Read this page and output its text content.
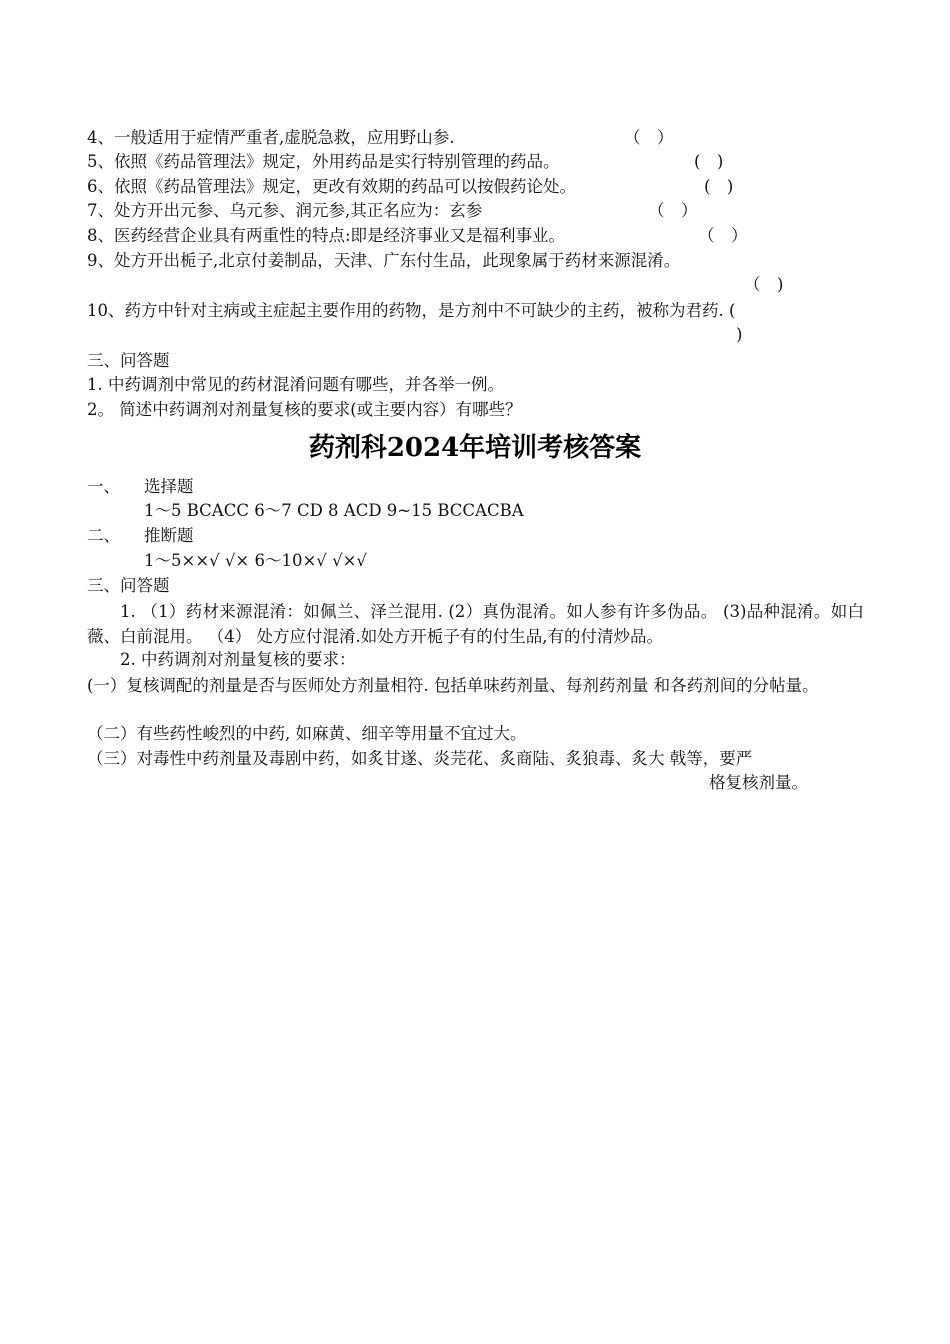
4、一般适用于症情严重者,虚脱急救，应用野山参.	（　）
5、依照《药品管理法》规定，外用药品是实行特别管理的药品。	(　)
6、依照《药品管理法》规定，更改有效期的药品可以按假药论处。	(　)
7、处方开出元参、乌元参、润元参,其正名应为：玄参	（　）
8、医药经营企业具有两重性的特点:即是经济事业又是福利事业。	（　）
9、处方开出栀子,北京付姜制品，天津、广东付生品，此现象属于药材来源混淆。
（　)
10、药方中针对主病或主症起主要作用的药物，是方剂中不可缺少的主药，被称为君药. (
)
三、问答题
1. 中药调剂中常见的药材混淆问题有哪些，并各举一例。
2。 简述中药调剂对剂量复核的要求(或主要内容）有哪些？
药剂科2024年培训考核答案
一、 选择题
1～5 BCACC 6～7 CD 8 ACD 9~15 BCCACBA
二、 推断题
1～5××√ √× 6～10×√ √×√
三、问答题
1. （1）药材来源混淆：如佩兰、泽兰混用. (2）真伪混淆。如人参有许多伪品。 (3)品种混淆。如白薇、白前混用。 （4） 处方应付混淆.如处方开栀子有的付生品,有的付清炒品。
2. 中药调剂对剂量复核的要求：
(一）复核调配的剂量是否与医师处方剂量相符. 包括单味药剂量、每剂药剂量 和各药剂间的分帖量。
（二）有些药性峻烈的中药, 如麻黄、细辛等用量不宜过大。
（三）对毒性中药剂量及毒剧中药，如炙甘遂、炎芫花、炙商陆、炙狼毒、炙大 戟等，要严
格复核剂量。
